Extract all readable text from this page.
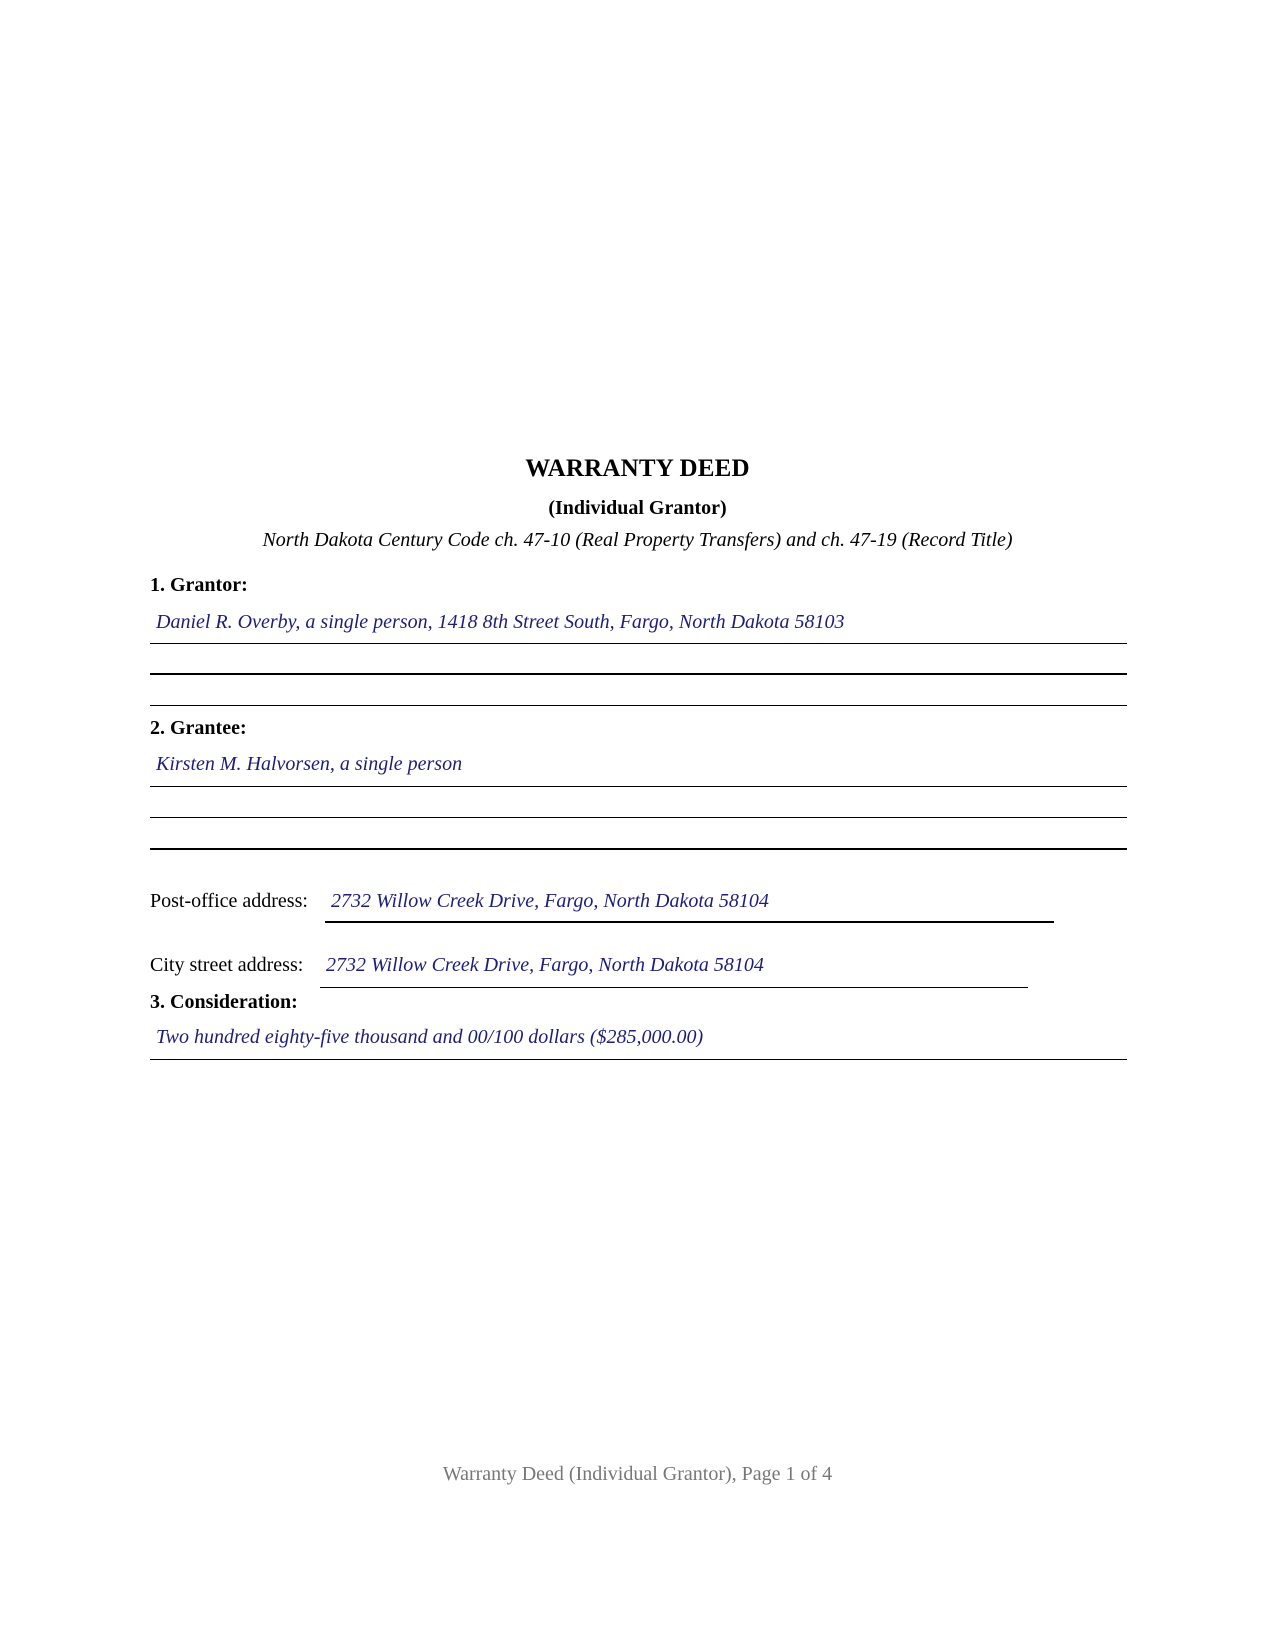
WARRANTY DEED
(Individual Grantor)
North Dakota Century Code ch. 47-10 (Real Property Transfers) and ch. 47-19 (Record Title)
1. Grantor:
Daniel R. Overby, a single person, 1418 8th Street South, Fargo, North Dakota 58103
2. Grantee:
Kirsten M. Halvorsen, a single person
Post-office address: 2732 Willow Creek Drive, Fargo, North Dakota 58104
City street address: 2732 Willow Creek Drive, Fargo, North Dakota 58104
3. Consideration:
Two hundred eighty-five thousand and 00/100 dollars ($285,000.00)
Warranty Deed (Individual Grantor), Page 1 of 4
